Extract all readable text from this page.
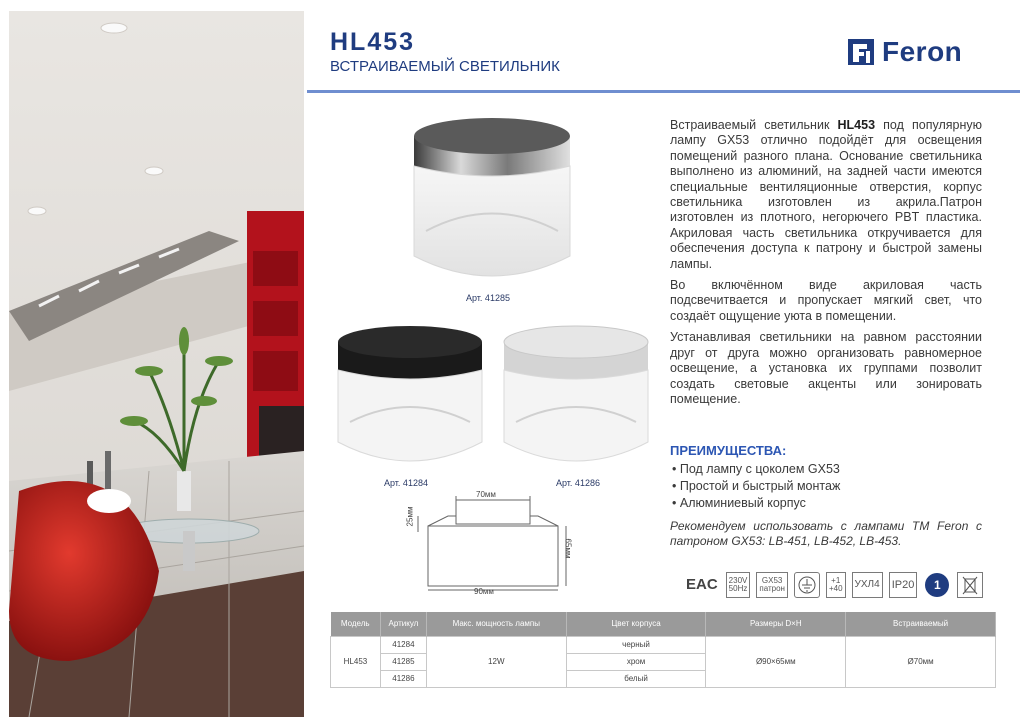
HL453
ВСТРАИВАЕМЫЙ СВЕТИЛЬНИК	Feron
Арт. 41285
Арт. 41284	Арт. 41286
70мм
90мм
65мм
25мм

Встраиваемый светильник HL453 под популярную лампу GX53 отлично подойдёт для освещения помещений разного плана. Основание светильника выполнено из алюминий, на задней части имеются специальные вентиляционные отверстия, корпус светильника изготовлен из акрила.Патрон изготовлен из плотного, негорючего PBT пластика. Акриловая часть светильника откручивается для обеспечения доступа к патрону и быстрой замены лампы.

Во включённом виде акриловая часть подсвечитвается и пропускает мягкий свет, что создаёт ощущение уюта в помещении.

Устанавливая светильники на равном расстоянии друг от друга можно организовать равномерное освещение, а установка их группами позволит создать световые акценты или зонировать помещение.

ПРЕИМУЩЕСТВА:
• Под лампу с цоколем GX53
• Простой и быстрый монтаж
• Алюминиевый корпус
Рекомендуем использовать с лампами ТМ Feron с патроном GX53: LB-451, LB-452, LB-453.
EAC 230V
50Hz
GX53
патрон
+1
+40	УХЛ4 IP20	1
Модель	Артикул	Макс. мощность лампы	Цвет корпуса	Размеры D×H	Встраиваемый
HL453	41284	12W	черный	Ø90×65мм	Ø70мм
	41285		хром		
	41286		белый		
